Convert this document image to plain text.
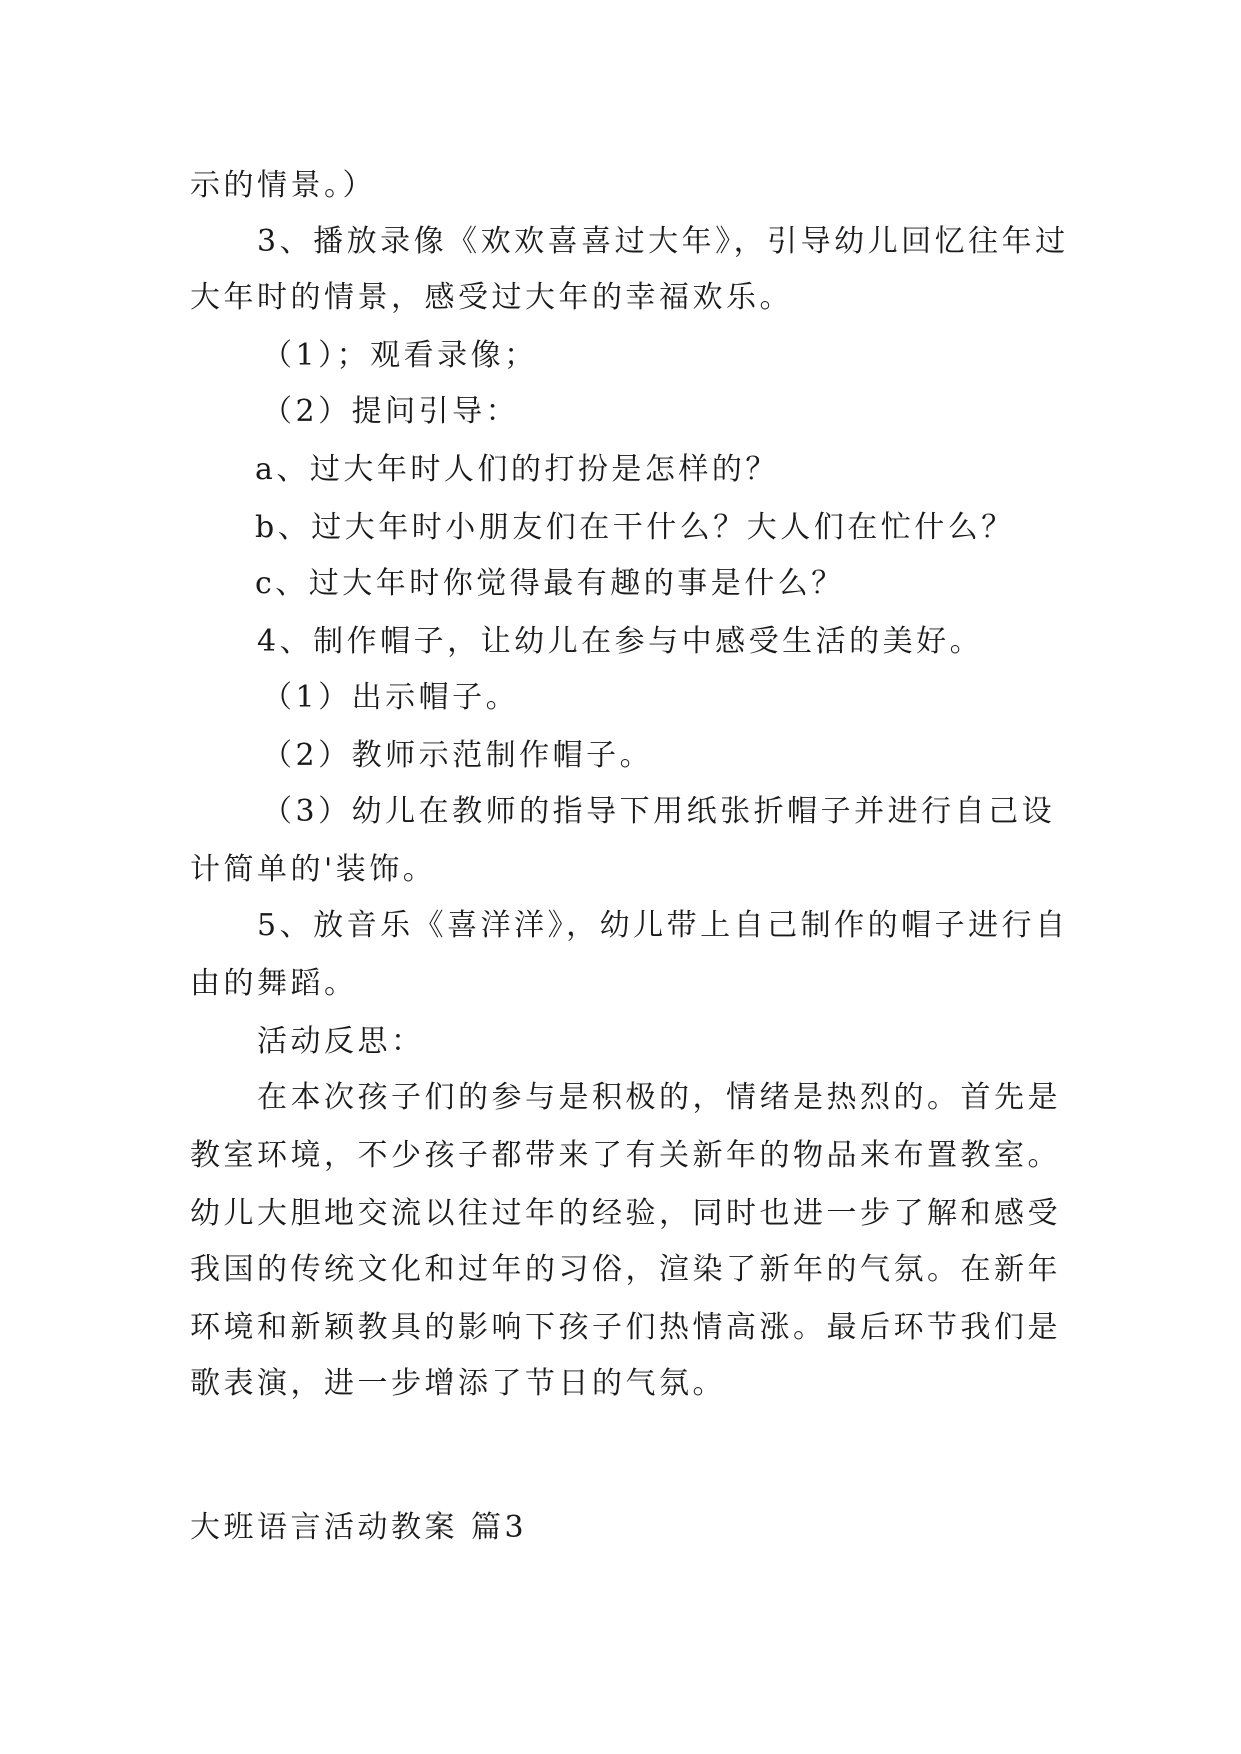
示的情景。）
3、播放录像《欢欢喜喜过大年》，引导幼儿回忆往年过
大年时的情景，感受过大年的幸福欢乐。
（1）；观看录像；
（2）提问引导：
a、过大年时人们的打扮是怎样的？
b、过大年时小朋友们在干什么？大人们在忙什么？
c、过大年时你觉得最有趣的事是什么？
4、制作帽子，让幼儿在参与中感受生活的美好。
（1）出示帽子。
（2）教师示范制作帽子。
（3）幼儿在教师的指导下用纸张折帽子并进行自己设
计简单的'装饰。
5、放音乐《喜洋洋》，幼儿带上自己制作的帽子进行自
由的舞蹈。
活动反思：
在本次孩子们的参与是积极的，情绪是热烈的。首先是
教室环境，不少孩子都带来了有关新年的物品来布置教室。
幼儿大胆地交流以往过年的经验，同时也进一步了解和感受
我国的传统文化和过年的习俗，渲染了新年的气氛。在新年
环境和新颖教具的影响下孩子们热情高涨。最后环节我们是
歌表演，进一步增添了节日的气氛。
大班语言活动教案 篇3
